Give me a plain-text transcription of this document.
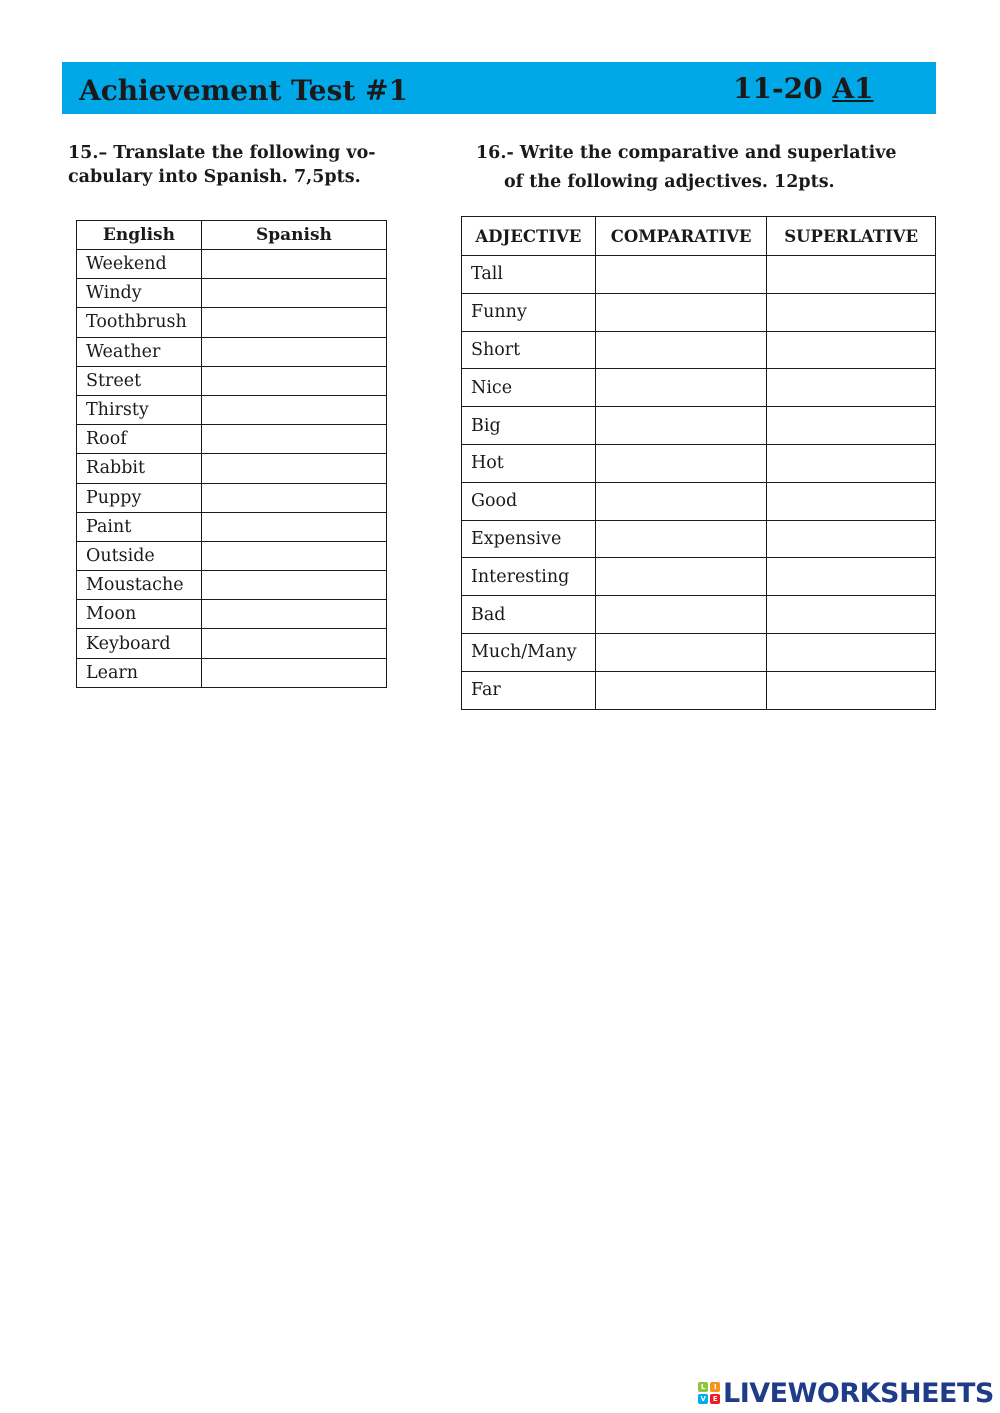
Achievement Test #1	11-20 A1
15.– Translate the following vo-
cabulary into Spanish. 7,5pts.
16.- Write the comparative and superlative
of the following adjectives. 12pts.
English	Spanish
Weekend	
Windy	
Toothbrush	
Weather	
Street	
Thirsty	
Roof	
Rabbit	
Puppy	
Paint	
Outside	
Moustache	
Moon	
Keyboard	
Learn	
ADJECTIVE	COMPARATIVE	SUPERLATIVE
Tall		
Funny		
Short		
Nice		
Big		
Hot		
Good		
Expensive		
Interesting		
Bad		
Much/Many		
Far		
L	I
V	E LIVEWORKSHEETS
